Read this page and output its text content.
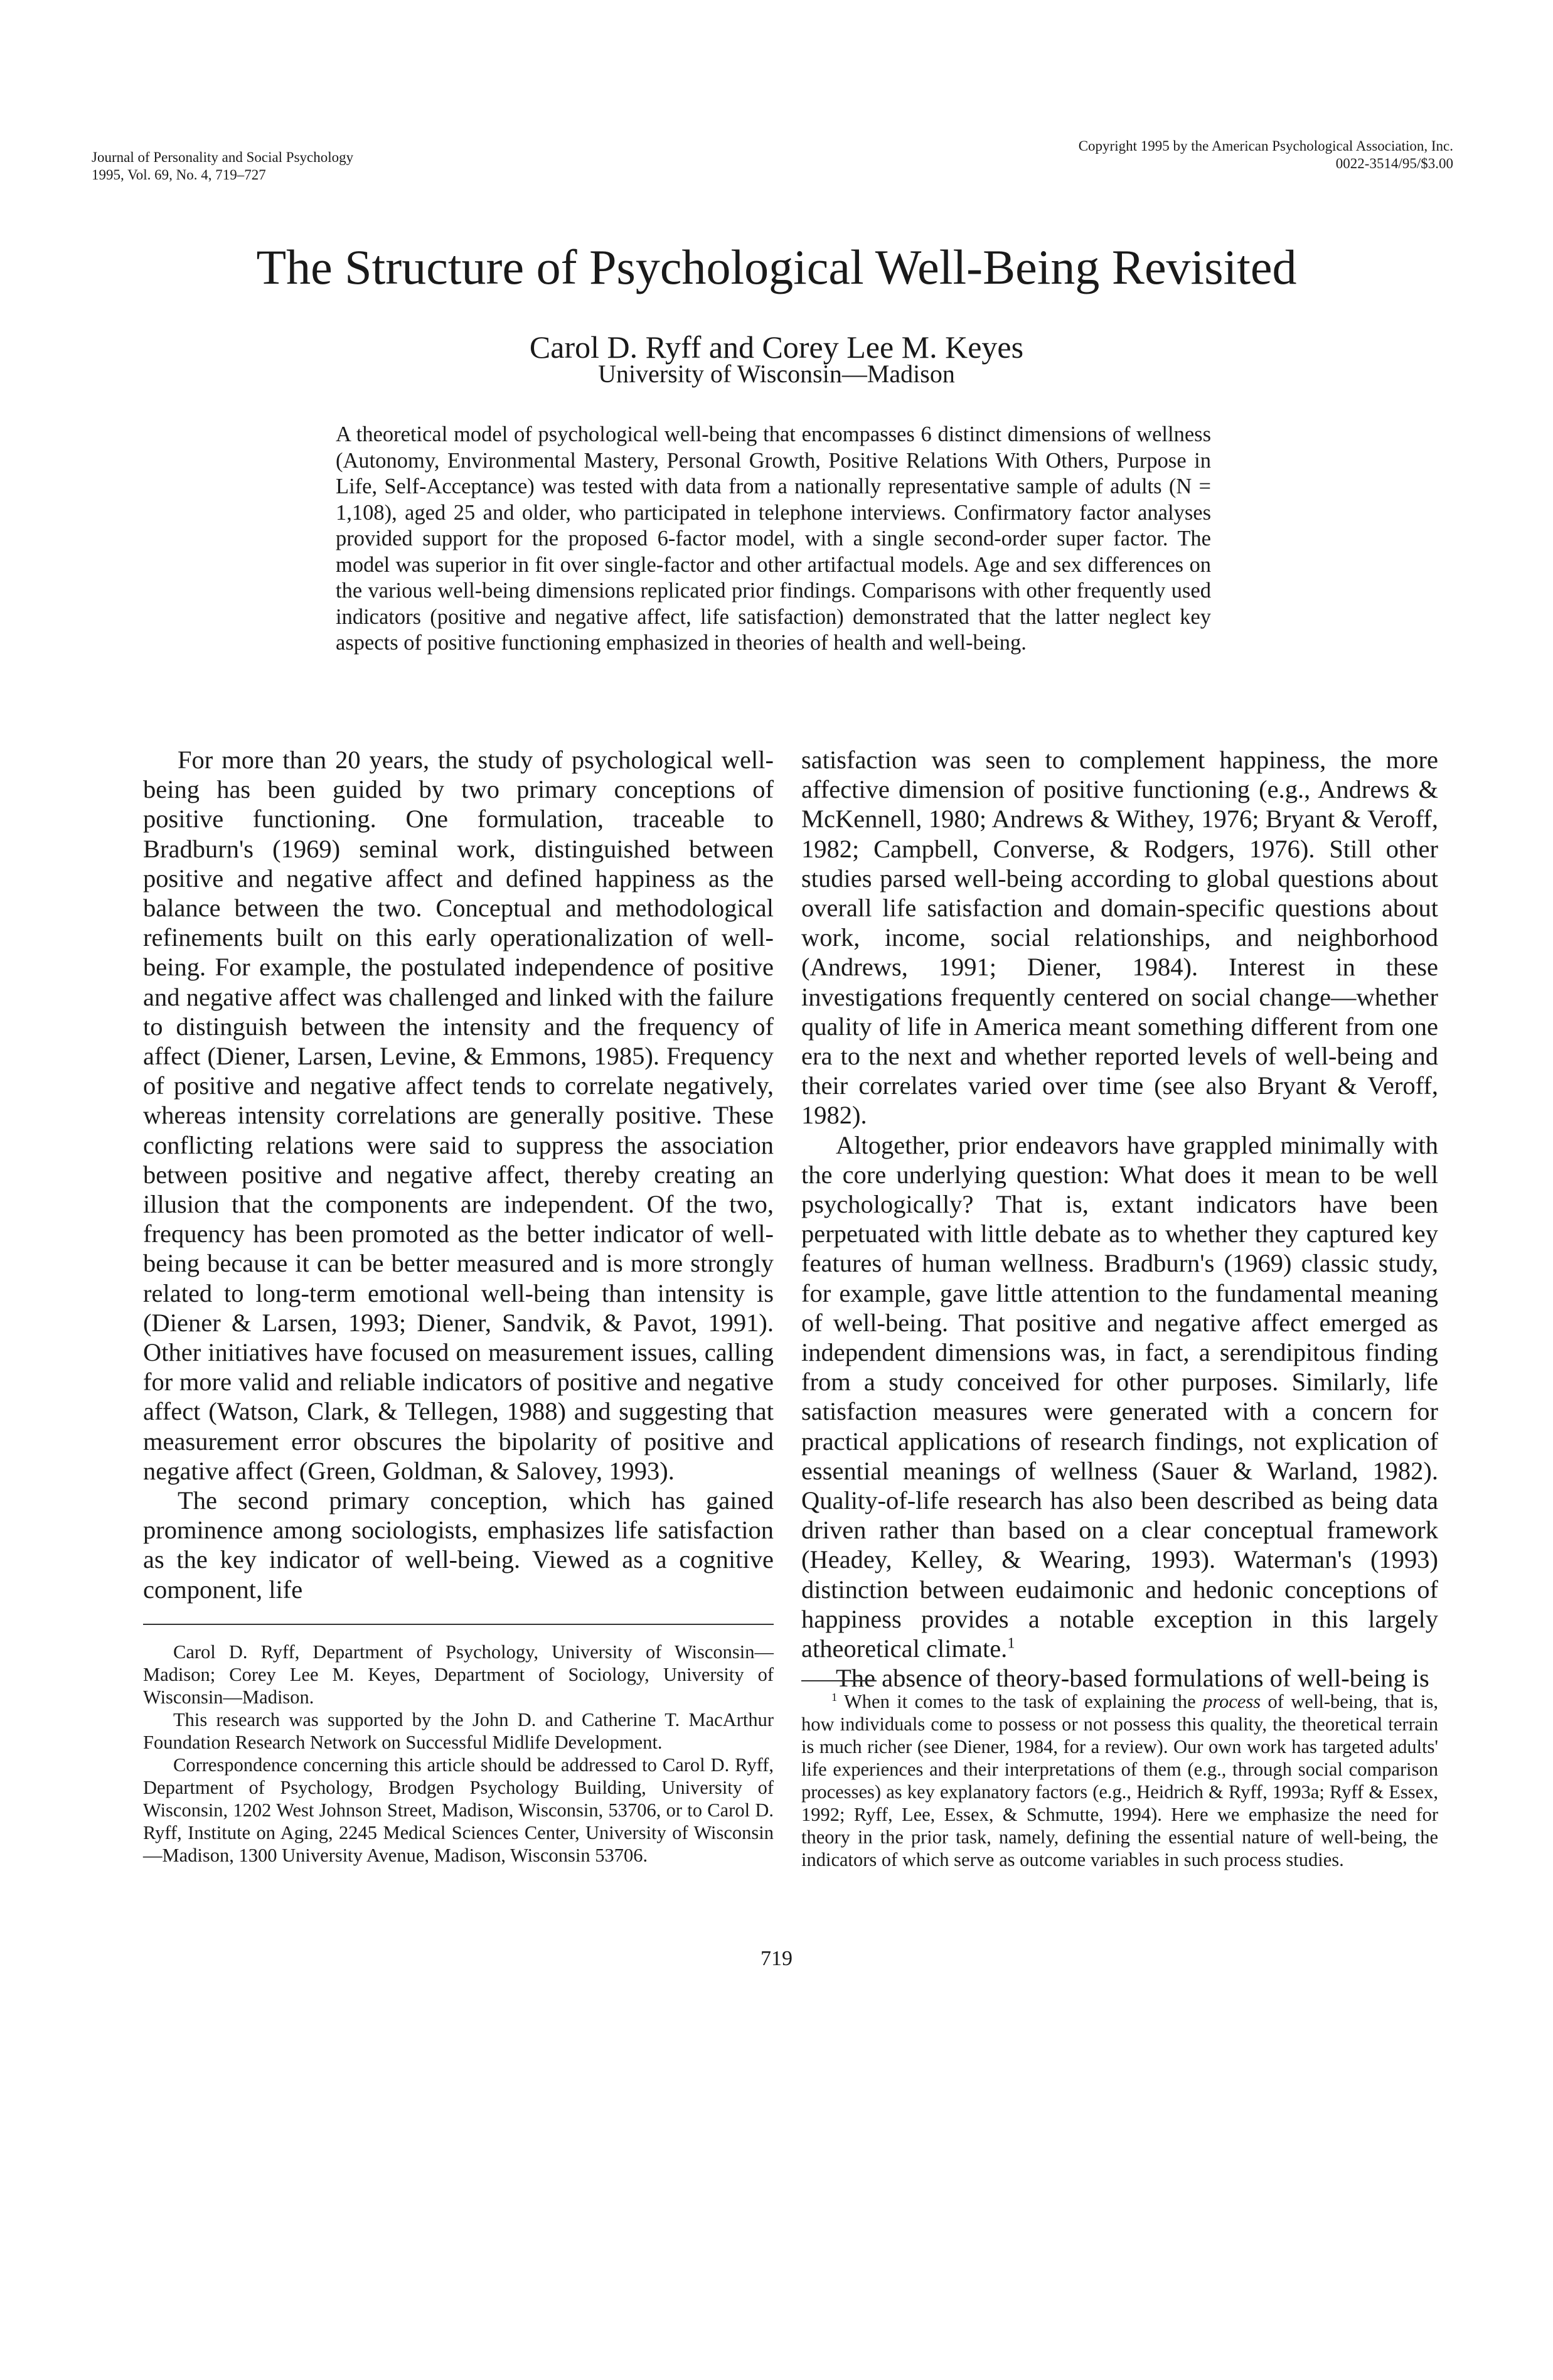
Journal of Personality and Social Psychology
1995, Vol. 69, No. 4, 719–727
Copyright 1995 by the American Psychological Association, Inc.
0022-3514/95/$3.00
The Structure of Psychological Well-Being Revisited
Carol D. Ryff and Corey Lee M. Keyes
University of Wisconsin—Madison
A theoretical model of psychological well-being that encompasses 6 distinct dimensions of wellness (Autonomy, Environmental Mastery, Personal Growth, Positive Relations With Others, Purpose in Life, Self-Acceptance) was tested with data from a nationally representative sample of adults (N = 1,108), aged 25 and older, who participated in telephone interviews. Confirmatory factor analyses provided support for the proposed 6-factor model, with a single second-order super factor. The model was superior in fit over single-factor and other artifactual models. Age and sex differences on the various well-being dimensions replicated prior findings. Comparisons with other frequently used indicators (positive and negative affect, life satisfaction) demonstrated that the latter neglect key aspects of positive functioning emphasized in theories of health and well-being.

For more than 20 years, the study of psychological well-being has been guided by two primary conceptions of positive functioning. One formulation, traceable to Bradburn's (1969) seminal work, distinguished between positive and negative affect and defined happiness as the balance between the two. Conceptual and methodological refinements built on this early operationalization of well-being. For example, the postulated independence of positive and negative affect was challenged and linked with the failure to distinguish between the intensity and the frequency of affect (Diener, Larsen, Levine, & Emmons, 1985). Frequency of positive and negative affect tends to correlate negatively, whereas intensity correlations are generally positive. These conflicting relations were said to suppress the association between positive and negative affect, thereby creating an illusion that the components are independent. Of the two, frequency has been promoted as the better indicator of well-being because it can be better measured and is more strongly related to long-term emotional well-being than intensity is (Diener & Larsen, 1993; Diener, Sandvik, & Pavot, 1991). Other initiatives have focused on measurement issues, calling for more valid and reliable indicators of positive and negative affect (Watson, Clark, & Tellegen, 1988) and suggesting that measurement error obscures the bipolarity of positive and negative affect (Green, Goldman, & Salovey, 1993).

The second primary conception, which has gained prominence among sociologists, emphasizes life satisfaction as the key indicator of well-being. Viewed as a cognitive component, life

satisfaction was seen to complement happiness, the more affective dimension of positive functioning (e.g., Andrews & McKennell, 1980; Andrews & Withey, 1976; Bryant & Veroff, 1982; Campbell, Converse, & Rodgers, 1976). Still other studies parsed well-being according to global questions about overall life satisfaction and domain-specific questions about work, income, social relationships, and neighborhood (Andrews, 1991; Diener, 1984). Interest in these investigations frequently centered on social change—whether quality of life in America meant something different from one era to the next and whether reported levels of well-being and their correlates varied over time (see also Bryant & Veroff, 1982).

Altogether, prior endeavors have grappled minimally with the core underlying question: What does it mean to be well psychologically? That is, extant indicators have been perpetuated with little debate as to whether they captured key features of human wellness. Bradburn's (1969) classic study, for example, gave little attention to the fundamental meaning of well-being. That positive and negative affect emerged as independent dimensions was, in fact, a serendipitous finding from a study conceived for other purposes. Similarly, life satisfaction measures were generated with a concern for practical applications of research findings, not explication of essential meanings of wellness (Sauer & Warland, 1982). Quality-of-life research has also been described as being data driven rather than based on a clear conceptual framework (Headey, Kelley, & Wearing, 1993). Waterman's (1993) distinction between eudaimonic and hedonic conceptions of happiness provides a notable exception in this largely atheoretical climate.$^1$

The absence of theory-based formulations of well-being is

Carol D. Ryff, Department of Psychology, University of Wisconsin—Madison; Corey Lee M. Keyes, Department of Sociology, University of Wisconsin—Madison.

This research was supported by the John D. and Catherine T. MacArthur Foundation Research Network on Successful Midlife Development.

Correspondence concerning this article should be addressed to Carol D. Ryff, Department of Psychology, Brodgen Psychology Building, University of Wisconsin, 1202 West Johnson Street, Madison, Wisconsin, 53706, or to Carol D. Ryff, Institute on Aging, 2245 Medical Sciences Center, University of Wisconsin—Madison, 1300 University Avenue, Madison, Wisconsin 53706.

$^1$ When it comes to the task of explaining the process of well-being, that is, how individuals come to possess or not possess this quality, the theoretical terrain is much richer (see Diener, 1984, for a review). Our own work has targeted adults' life experiences and their interpretations of them (e.g., through social comparison processes) as key explanatory factors (e.g., Heidrich & Ryff, 1993a; Ryff & Essex, 1992; Ryff, Lee, Essex, & Schmutte, 1994). Here we emphasize the need for theory in the prior task, namely, defining the essential nature of well-being, the indicators of which serve as outcome variables in such process studies.

719
